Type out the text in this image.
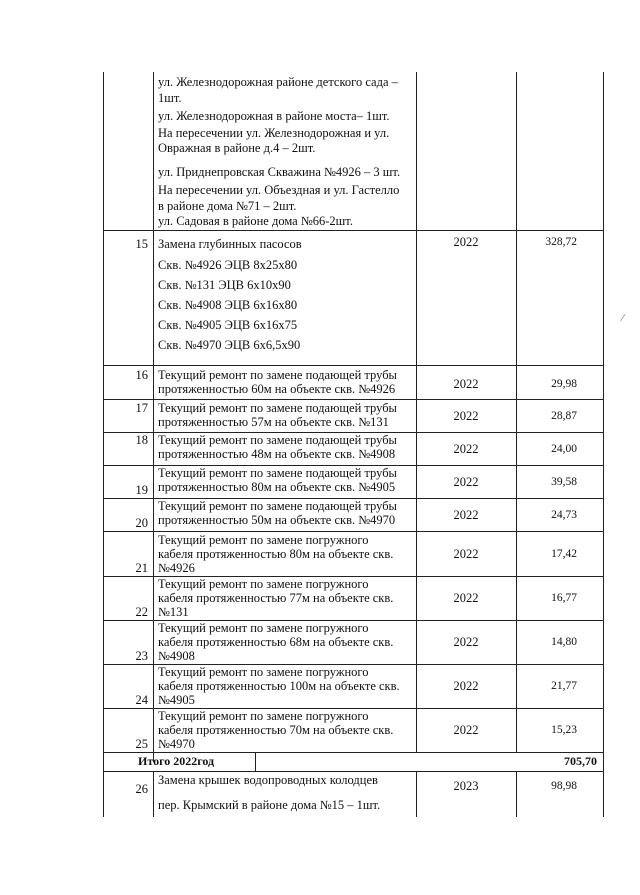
ул. Железнодорожная районе детского сада –
1шт.
ул. Железнодорожная в районе моста– 1шт.
На пересечении ул. Железнодорожная и ул.
Овражная в районе д.4 – 2шт.
ул. Приднепровская Скважина №4926 – 3 шт.
На пересечении ул. Объездная и ул. Гастелло
в районе дома №71 – 2шт.
ул. Садовая в районе дома №66-2шт.
15 Замена глубинных пасосов
Скв. №4926 ЭЦВ 8х25х80
Скв. №131 ЭЦВ 6х10х90
Скв. №4908 ЭЦВ 6х16х80
Скв. №4905 ЭЦВ 6х16х75
Скв. №4970 ЭЦВ 6х6,5х90
2022	328,72
16 Текущий ремонт по замене подающей трубы
протяженностью 60м на объекте скв. №4926	2022	29,98
17 Текущий ремонт по замене подающей трубы
протяженностью 57м на объекте скв. №131	2022	28,87
18 Текущий ремонт по замене подающей трубы
протяженностью 48м на объекте скв. №4908	2022	24,00
19
Текущий ремонт по замене подающей трубы
протяженностью 80м на объекте скв. №4905	2022	39,58
20
Текущий ремонт по замене подающей трубы
протяженностью 50м на объекте скв. №4970	2022	24,73
21
Текущий ремонт по замене погружного
кабеля протяженностью 80м на объекте скв.
№4926
2022	17,42
22
Текущий ремонт по замене погружного
кабеля протяженностью 77м на объекте скв.
№131
2022	16,77
23
Текущий ремонт по замене погружного
кабеля протяженностью 68м на объекте скв.
№4908
2022	14,80
24
Текущий ремонт по замене погружного
кабеля протяженностью 100м на объекте скв.
№4905
2022	21,77
25
Текущий ремонт по замене погружного
кабеля протяженностью 70м на объекте скв.
№4970
2022	15,23
Итого 2022год	705,70
26
Замена крышек водопроводных колодцев
пер. Крымский в районе дома №15 – 1шт.
2023	98,98
⁄
